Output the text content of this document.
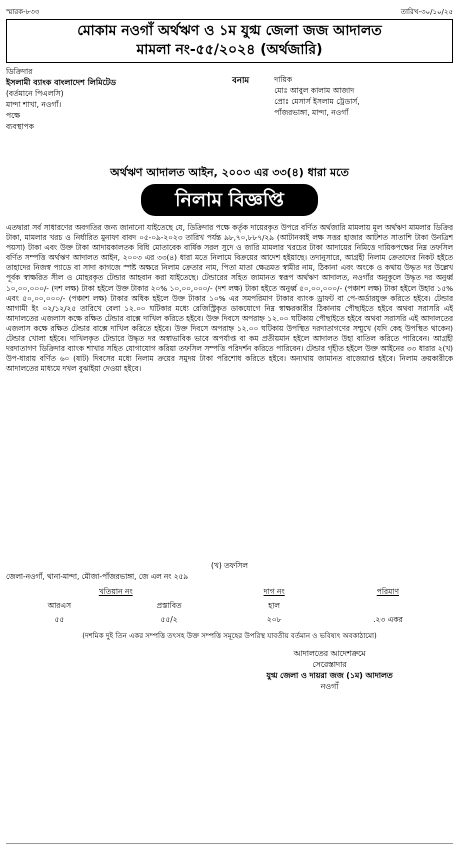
স্মারক-৮৩৩	তারিখ-৩০/১০/২৫
মোকাম নওগাঁ অর্থঋণ ও ১ম যুগ্ম জেলা জজ আদালত
মামলা নং-৫৫/২০২৪ (অর্থজারি)
ডিক্রিদার
ইসলামী ব্যাংক বাংলাদেশ লিমিটেড
(বর্তমানে পিএলসি)
মান্দা শাখা, নওগাঁ।
পক্ষে
ব্যবস্থাপক
বনাম	দায়িক
মোঃ আবুল কালাম আজাদ
প্রোঃ মেসার্স ইসলাম ট্রেডার্স,
পাঁজরভাঙ্গা, মান্দা, নওগাঁ
অর্থঋণ আদালত আইন, ২০০৩ এর ৩৩(৪) ধারা মতে
নিলাম বিজ্ঞপ্তি
এতদ্বারা সর্ব সাধারণের অবগতির জন্য জানানো যাইতেছে যে, ডিক্রিদার পক্ষে কর্তৃক দায়েরকৃত উপরে বর্ণিত অর্থজারি মামলায় মূল অর্থঋণ মামলার ডিক্রির টাকা, মামলার খরচ ও নির্ধারিত মুনাফা বাবদ ০৫-০৯-২০২৩ তারিখ পর্যন্ত ৯৮,৭০,৮৮৭/২৯ (আটানব্বই লক্ষ সত্তর হাজার আটশত সাতাশি টাকা উনত্রিশ পয়সা) টাকা এবং উক্ত টাকা আদায়কালতক বিধি মোতাবেক বার্ষিক সরল সুদে ও জারি মামলার খরচের টাকা আদায়ের নিমিত্তে দায়িকপক্ষের নিম্ন তফসিল বর্ণিত সম্পত্তি অর্থঋণ আদালত আইন, ২০০৩ এর ৩৩(৪) ধারা মতে নিলামে বিক্রয়ের আদেশ হইয়াছে। তদানুসারে, আগ্রহী নিলাম ক্রেতাদের নিকট হইতে তাহাদের নিজস্ব প্যাডে বা সাদা কাগজে স্পষ্ট অক্ষরে নিলাম ক্রেতার নাম, পিতা মাতা ক্ষেত্রমত স্বামীর নাম, ঠিকানা এবং অংকে ও কথায় উদ্ধৃত দর উল্লেখ পূর্বক স্বাক্ষরিত সীল ও মোহরকৃত টেন্ডার আহবান করা যাইতেছে। টেন্ডারের সহিত জামানত স্বরূপ অর্থঋণ আদালত, নওগাঁর অনুকূলে উদ্ধৃত দর অনুর্ধ্ব ১০,০০,০০০/- (দশ লক্ষ) টাকা হইলে উক্ত টাকার ২০% ১০,০০,০০০/- (দশ লক্ষ) টাকা হইতে অনুর্ধ্ব ৫০,০০,০০০/- (পঞ্চাশ লক্ষ) টাকা হইলে উহার ১৫% এবং ৫০,০০,০০০/- (পঞ্চাশ লক্ষ) টাকার অধিক হইলে উক্ত টাকার ১০% এর সমপরিমাণ টাকার ব্যাংক ড্রাফট বা পে-অর্ডারযুক্ত করিতে হইবে। টেন্ডার আগামী ইং ০২/১২/২৫ তারিখে বেলা ১২.০০ ঘটিকার মধ্যে রেজিস্ট্রিকৃত ডাকযোগে নিম্ন স্বাক্ষরকারীর ঠিকানায় পৌছাইতে হইবে অথবা সরাসরি এই আদালতের এজলাস কক্ষে রক্ষিত টেন্ডার বাক্সে দাখিল করিতে হইবে। উক্ত দিবসে অপরাহ্ন ১২.০০ ঘটিকায় পৌছাইতে হইবে অথবা সরাসরি এই আদালতের এজলাস কক্ষে রক্ষিত টেন্ডার বাক্সে দাখিল করিতে হইবে। উক্ত দিবসে অপরাহ্ন ১২.০০ ঘটিকায় উপস্থিত দরদাতাগণের সম্মুখে (যদি কেহ উপস্থিত থাকেন) টেন্ডার খোলা হইবে। দাখিলকৃত টেন্ডারে উদ্ধৃত দর অস্বাভাবিক ভাবে অপর্যাপ্ত বা কম প্রতীয়মান হইলে আদালত উহা বাতিল করিতে পারিবেন। আগ্রহী দরদাতাগণ ডিক্রিদার ব্যাংক শাখার সহিত যোগাযোগ করিয়া তফসিল সম্পত্তি পরিদর্শন করিতে পারিবেন। টেন্ডার গৃহীত হইলে উক্ত আইনের ৩৩ ধারার ২(খ) উপ-ধারায় বর্ণিত ৬০ (ষাট) দিবসের মধ্যে নিলাম ক্রয়ের সমুদয় টাকা পরিশোধ করিতে হইবে। অন্যথায় জামানত বাজেয়াপ্ত হইবে। নিলাম ক্রয়কারীকে আদালতের মাধ্যমে দখল বুঝাইয়া দেওয়া হইবে।
(খ) তফসিল
জেলা-নওগাঁ, থানা-মান্দা, মৌজা-পাঁজরভাঙ্গা, জে এল নং ২৫৯
খতিয়ান নং		দাগ নং	পরিমাণ
আরএস	প্রস্তাবিত	হাল	
৫৫	৫৫/২	২০৮	.২৩ একর
(দশমিক দুই তিন একর সম্পত্তি তৎসহ উক্ত সম্পত্তি সমূহের উপরিস্থ যাবতীয় বর্তমান ও ভবিষ্যৎ অবকাঠামো)
আদালতের আদেশক্রমে
সেরেস্তাদার
যুগ্ম জেলা ও দায়রা জজ (১ম) আদালত
নওগাঁ
